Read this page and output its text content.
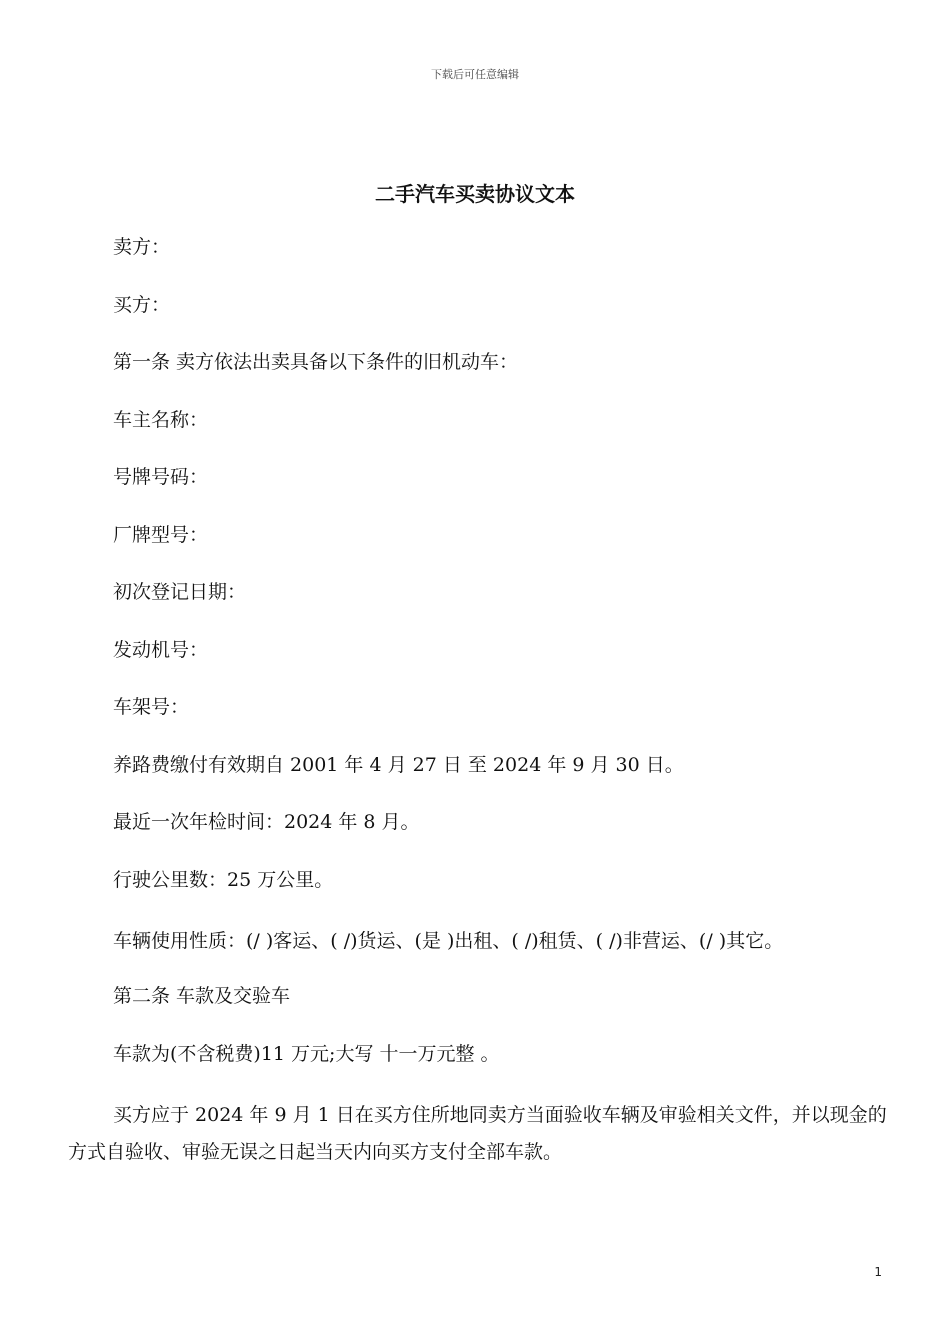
下载后可任意编辑
二手汽车买卖协议文本

卖方：

买方：

第一条 卖方依法出卖具备以下条件的旧机动车：

车主名称：

号牌号码：

厂牌型号：

初次登记日期：

发动机号：

车架号：

养路费缴付有效期自 2001 年 4 月 27 日 至 2024 年 9 月 30 日。

最近一次年检时间：2024 年 8 月。

行驶公里数：25 万公里。

车辆使用性质：(/ )客运、( /)货运、(是 )出租、( /)租赁、( /)非营运、(/ )其它。

第二条 车款及交验车

车款为(不含税费)11 万元;大写 十一万元整 。

买方应于 2024 年 9 月 1 日在买方住所地同卖方当面验收车辆及审验相关文件，并以现金的方式自验收、审验无误之日起当天内向买方支付全部车款。

1
